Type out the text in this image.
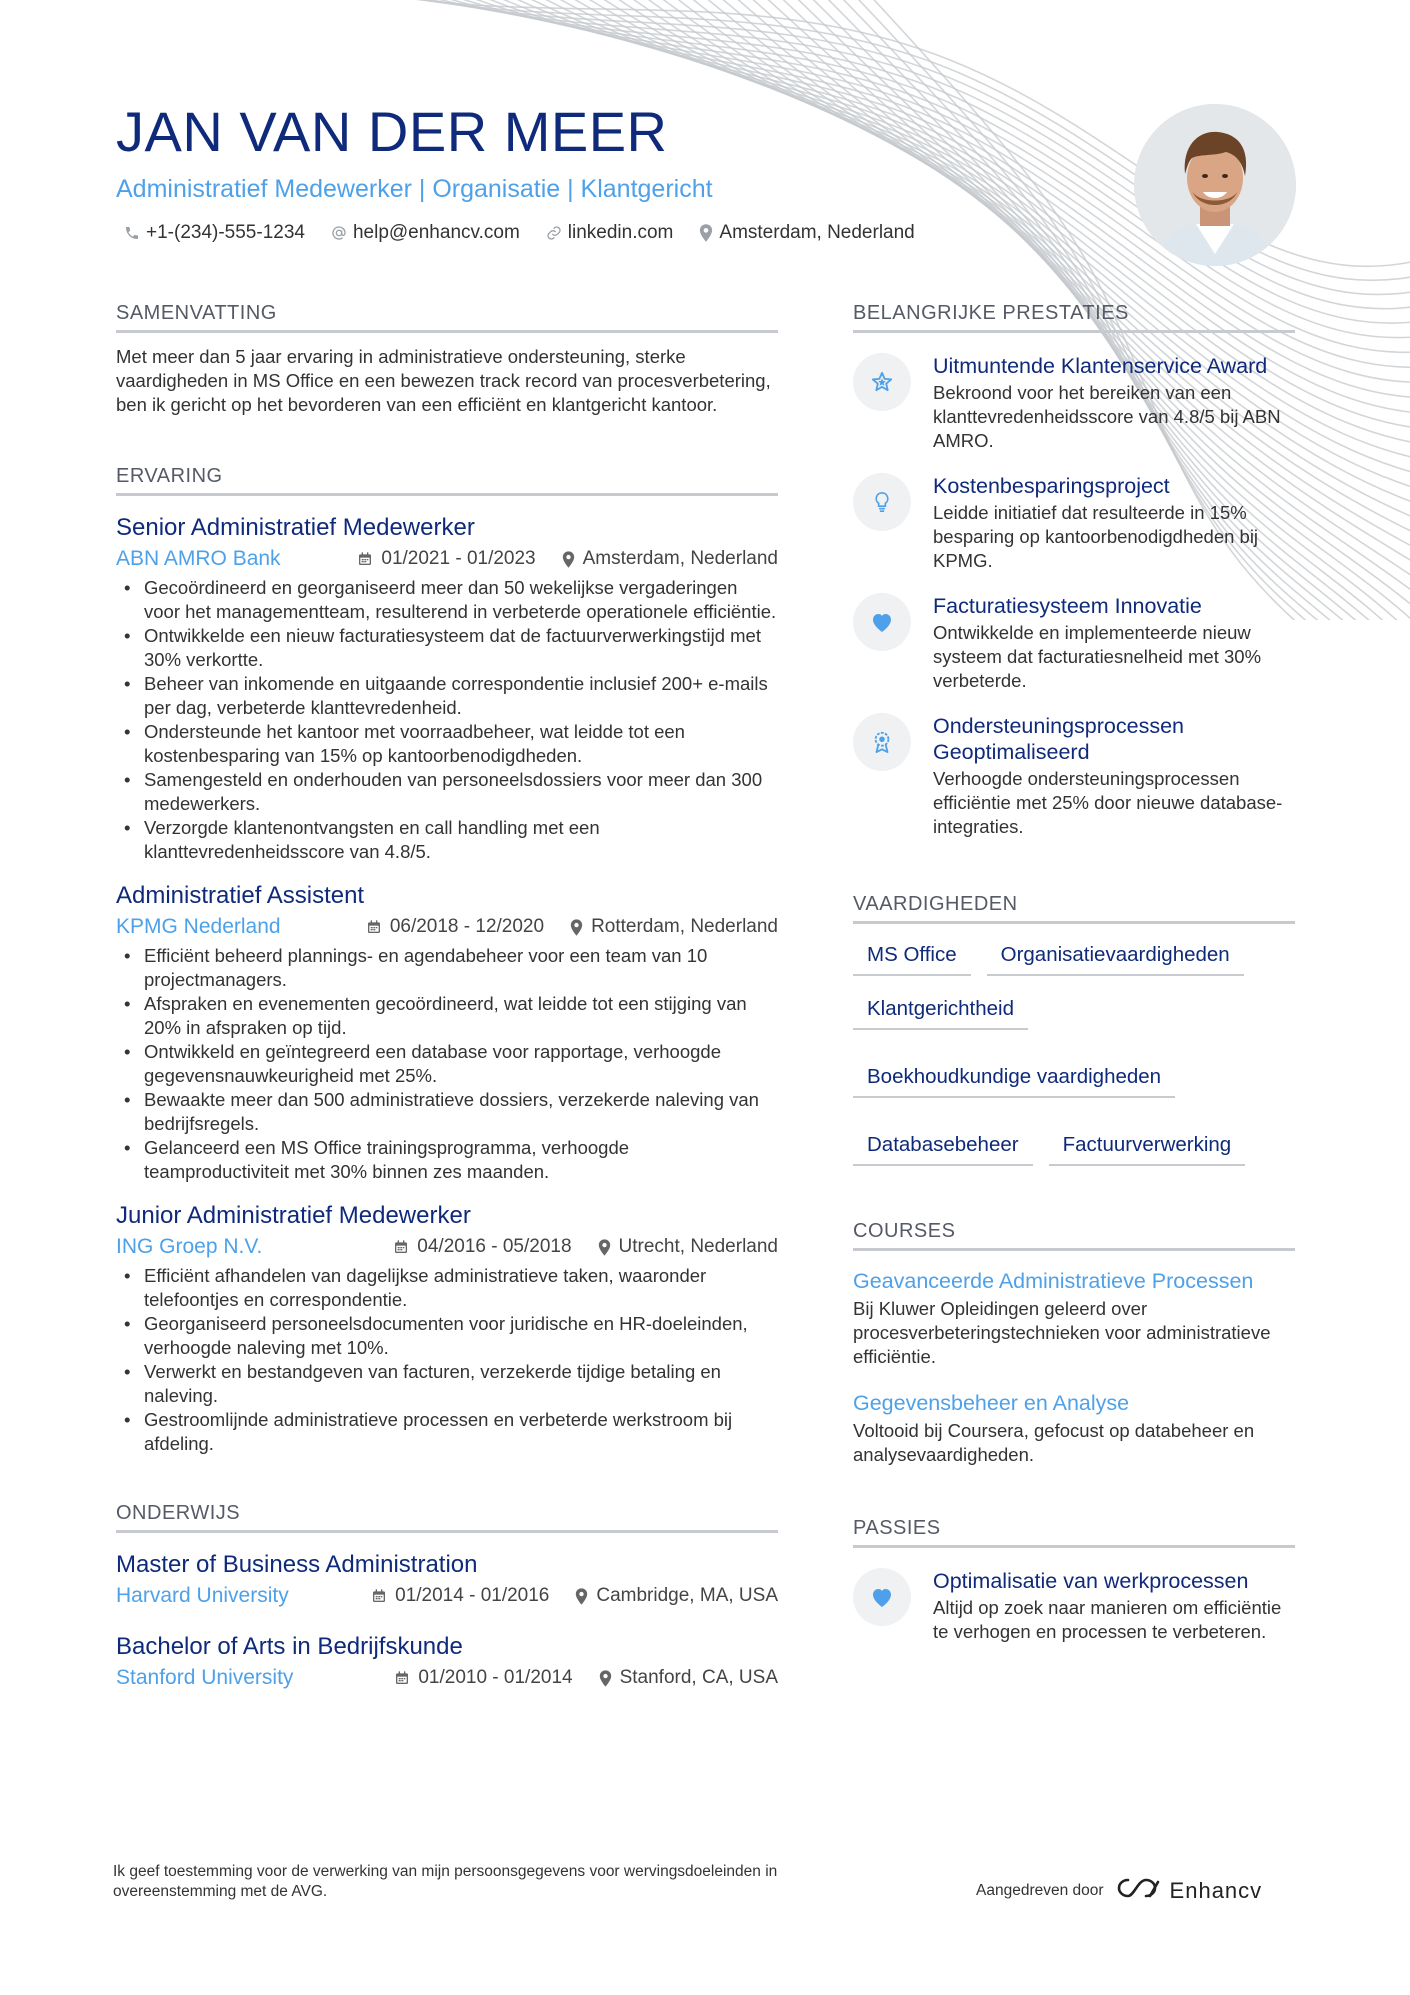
JAN VAN DER MEER
Administratief Medewerker | Organisatie | Klantgericht
+1-(234)-555-1234	help@enhancv.com	linkedin.com Amsterdam, Nederland
SAMENVATTING
Met meer dan 5 jaar ervaring in administratieve ondersteuning, sterke vaardigheden in MS Office en een bewezen track record van procesverbetering, ben ik gericht op het bevorderen van een efficiënt en klantgericht kantoor.
ERVARING
Senior Administratief Medewerker
ABN AMRO Bank	01/2021 - 01/2023 Amsterdam, Nederland
• Gecoördineerd en georganiseerd meer dan 50 wekelijkse vergaderingen voor het managementteam, resulterend in verbeterde operationele efficiëntie.
• Ontwikkelde een nieuw facturatiesysteem dat de factuurverwerkingstijd met 30% verkortte.
• Beheer van inkomende en uitgaande correspondentie inclusief 200+ e-mails per dag, verbeterde klanttevredenheid.
• Ondersteunde het kantoor met voorraadbeheer, wat leidde tot een kostenbesparing van 15% op kantoorbenodigdheden.
• Samengesteld en onderhouden van personeelsdossiers voor meer dan 300 medewerkers.
• Verzorgde klantenontvangsten en call handling met een klanttevredenheidsscore van 4.8/5.
Administratief Assistent
KPMG Nederland	06/2018 - 12/2020 Rotterdam, Nederland
• Efficiënt beheerd plannings- en agendabeheer voor een team van 10 projectmanagers.
• Afspraken en evenementen gecoördineerd, wat leidde tot een stijging van 20% in afspraken op tijd.
• Ontwikkeld en geïntegreerd een database voor rapportage, verhoogde gegevensnauwkeurigheid met 25%.
• Bewaakte meer dan 500 administratieve dossiers, verzekerde naleving van bedrijfsregels.
• Gelanceerd een MS Office trainingsprogramma, verhoogde teamproductiviteit met 30% binnen zes maanden.
Junior Administratief Medewerker
ING Groep N.V.	04/2016 - 05/2018 Utrecht, Nederland
• Efficiënt afhandelen van dagelijkse administratieve taken, waaronder telefoontjes en correspondentie.
• Georganiseerd personeelsdocumenten voor juridische en HR-doeleinden, verhoogde naleving met 10%.
• Verwerkt en bestandgeven van facturen, verzekerde tijdige betaling en naleving.
• Gestroomlijnde administratieve processen en verbeterde werkstroom bij afdeling.
ONDERWIJS
Master of Business Administration
Harvard University	01/2014 - 01/2016 Cambridge, MA, USA
Bachelor of Arts in Bedrijfskunde
Stanford University	01/2010 - 01/2014 Stanford, CA, USA
BELANGRIJKE PRESTATIES
Uitmuntende Klantenservice Award
Bekroond voor het bereiken van een klanttevredenheidsscore van 4.8/5 bij ABN AMRO.
Kostenbesparingsproject
Leidde initiatief dat resulteerde in 15% besparing op kantoorbenodigdheden bij KPMG.
Facturatiesysteem Innovatie
Ontwikkelde en implementeerde nieuw systeem dat facturatiesnelheid met 30% verbeterde.
Ondersteuningsprocessen Geoptimaliseerd
Verhoogde ondersteuningsprocessen efficiëntie met 25% door nieuwe database-integraties.
VAARDIGHEDEN
MS Office	Organisatievaardigheden
Klantgerichtheid
Boekhoudkundige vaardigheden
Databasebeheer	Factuurverwerking
COURSES
Geavanceerde Administratieve Processen
Bij Kluwer Opleidingen geleerd over procesverbeteringstechnieken voor administratieve efficiëntie.
Gegevensbeheer en Analyse
Voltooid bij Coursera, gefocust op databeheer en analysevaardigheden.
PASSIES
Optimalisatie van werkprocessen
Altijd op zoek naar manieren om efficiëntie te verhogen en processen te verbeteren.
Ik geef toestemming voor de verwerking van mijn persoonsgegevens voor wervingsdoeleinden in overeenstemming met de AVG.	Aangedreven door	Enhancv
